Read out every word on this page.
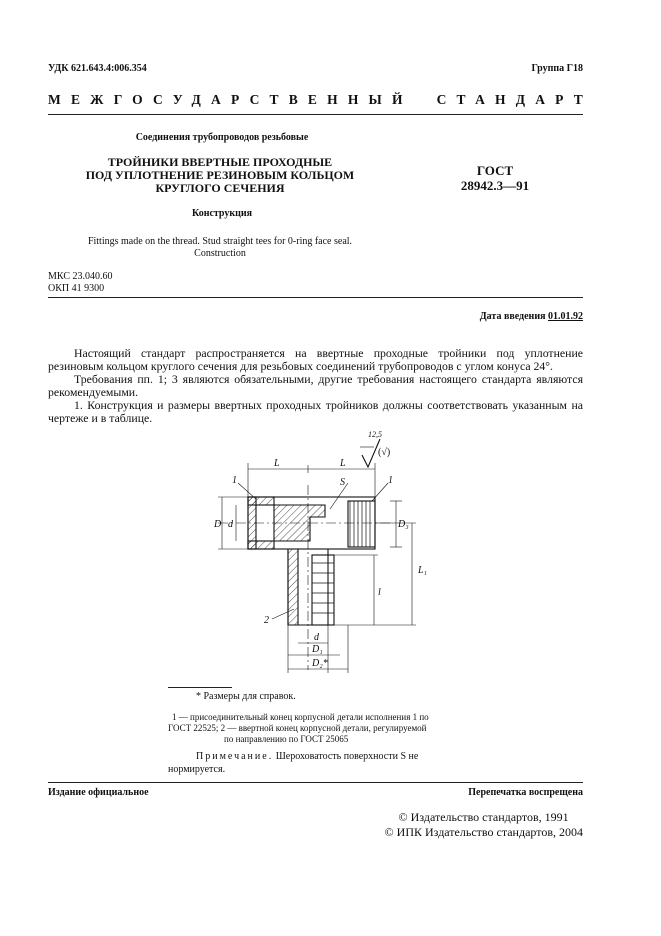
УДК 621.643.4:006.354	Группа Г18
МЕЖГОСУДАРСТВЕННЫЙ СТАНДАРТ
Соединения трубопроводов резьбовые
ТРОЙНИКИ ВВЕРТНЫЕ ПРОХОДНЫЕ
ПОД УПЛОТНЕНИЕ РЕЗИНОВЫМ КОЛЬЦОМ
КРУГЛОГО СЕЧЕНИЯ
Конструкция
ГОСТ
28942.3—91
Fittings made on the thread. Stud straight tees for 0-ring face seal.
Construction
МКС 23.040.60
ОКП 41 9300
Дата введения 01.01.92
Настоящий стандарт распространяется на ввертные проходные тройники под уплотнение резиновым кольцом круглого сечения для резьбовых соединений трубопроводов с углом конуса 24°.
Требования пп. 1; 3 являются обязательными, другие требования настоящего стандарта являются рекомендуемыми.
1. Конструкция и размеры ввертных проходных тройников должны соответствовать указанным на чертеже и в таблице.
12,5
(√)
L	L
S
1	1
2
D d	D₃
L₁
l
d
D₁
D₂*
* Размеры для справок.
1 — присоединительный конец корпусной детали исполнения 1 по
ГОСТ 22525; 2 — ввертной конец корпусной детали, регулируемой
по направлению по ГОСТ 25065
Примечание. Шероховатость поверхности S не
нормируется.
Издание официальное	Перепечатка воспрещена
© Издательство стандартов, 1991
© ИПК Издательство стандартов, 2004
